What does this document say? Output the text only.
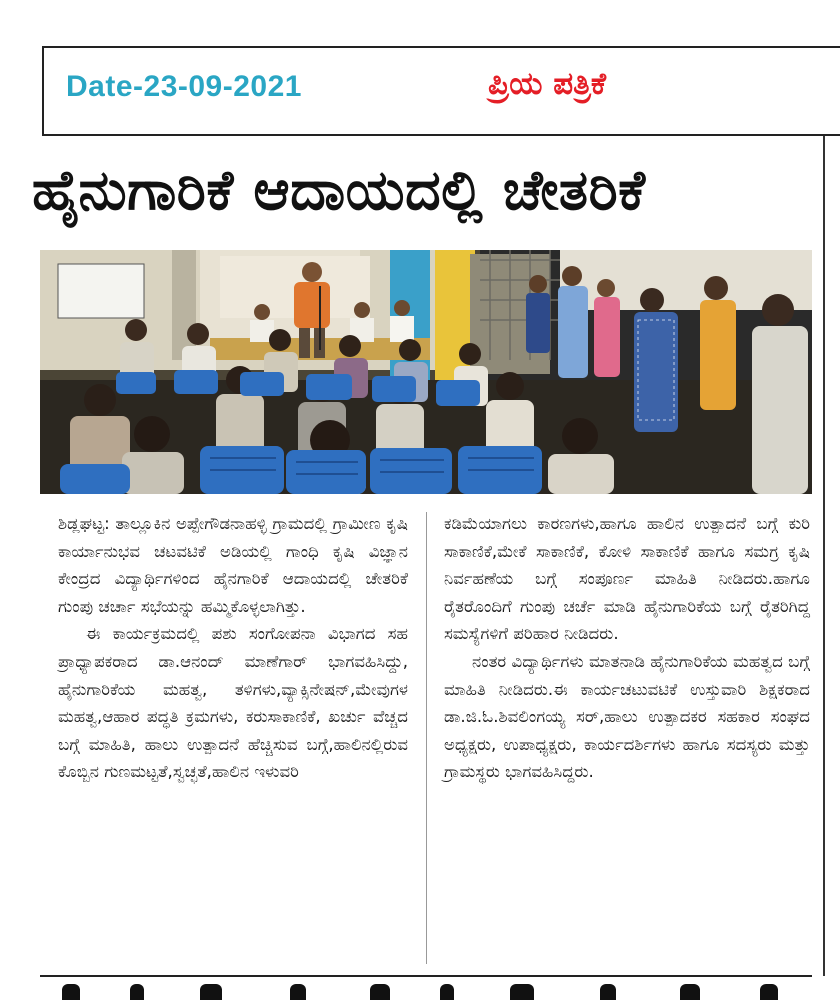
Date-23-09-2021	ಪ್ರಿಯ ಪತ್ರಿಕೆ
ಹೈನುಗಾರಿಕೆ ಆದಾಯದಲ್ಲಿ ಚೇತರಿಕೆ

ಶಿಡ್ಲಘಟ್ಟ: ತಾಲ್ಲೂಕಿನ ಅಪ್ಪೇಗೌಡನಾಹಳ್ಳಿ ಗ್ರಾಮದಲ್ಲಿ ಗ್ರಾಮೀಣ ಕೃಷಿ ಕಾರ್ಯಾನುಭವ ಚಟವಟಿಕೆ ಅಡಿಯಲ್ಲಿ ಗಾಂಧಿ ಕೃಷಿ ವಿಜ್ಞಾನ ಕೇಂದ್ರದ ವಿದ್ಯಾರ್ಥಿಗಳಿಂದ ಹೈನಗಾರಿಕೆ ಆದಾಯದಲ್ಲಿ ಚೇತರಿಕೆ ಗುಂಪು ಚರ್ಚಾ ಸಭೆಯನ್ನು ಹಮ್ಮಿಕೊಳ್ಳಲಾಗಿತ್ತು.

ಈ ಕಾರ್ಯಕ್ರಮದಲ್ಲಿ ಪಶು ಸಂಗೋಪನಾ ವಿಭಾಗದ ಸಹ ಪ್ರಾಧ್ಯಾಪಕರಾದ ಡಾ.ಆನಂದ್ ಮಾಣೆಗಾರ್ ಭಾಗವಹಿಸಿದ್ದು, ಹೈನುಗಾರಿಕೆಯ ಮಹತ್ವ, ತಳಿಗಳು,ವ್ಯಾಕ್ಸಿನೇಷನ್,ಮೇವುಗಳ ಮಹತ್ವ,ಆಹಾರ ಪದ್ಧತಿ ಕ್ರಮಗಳು, ಕರುಸಾಕಾಣಿಕೆ, ಖರ್ಚು ವೆಚ್ಚದ ಬಗ್ಗೆ ಮಾಹಿತಿ, ಹಾಲು ಉತ್ಪಾದನೆ ಹೆಚ್ಚಿಸುವ ಬಗ್ಗೆ,ಹಾಲಿನಲ್ಲಿರುವ ಕೊಬ್ಬಿನ ಗುಣಮಟ್ಟತೆ,ಸ್ವಚ್ಛತೆ,ಹಾಲಿನ ಇಳುವರಿ

ಕಡಿಮೆಯಾಗಲು ಕಾರಣಗಳು,ಹಾಗೂ ಹಾಲಿನ ಉತ್ಪಾದನೆ ಬಗ್ಗೆ ಕುರಿ ಸಾಕಾಣಿಕೆ,ಮೇಕೆ ಸಾಕಾಣಿಕೆ, ಕೋಳಿ ಸಾಕಾಣಿಕೆ ಹಾಗೂ ಸಮಗ್ರ ಕೃಷಿ ನಿರ್ವಹಣೆಯ ಬಗ್ಗೆ ಸಂಪೂರ್ಣ ಮಾಹಿತಿ ನೀಡಿದರು.ಹಾಗೂ ರೈತರೊಂದಿಗೆ ಗುಂಪು ಚರ್ಚೆ ಮಾಡಿ ಹೈನುಗಾರಿಕೆಯ ಬಗ್ಗೆ ರೈತರಿಗಿದ್ದ ಸಮಸ್ಯೆಗಳಿಗೆ ಪರಿಹಾರ ನೀಡಿದರು.

ನಂತರ ವಿದ್ಯಾರ್ಥಿಗಳು ಮಾತನಾಡಿ ಹೈನುಗಾರಿಕೆಯ ಮಹತ್ವದ ಬಗ್ಗೆ ಮಾಹಿತಿ ನೀಡಿದರು.ಈ ಕಾರ್ಯಚಟುವಟಿಕೆ ಉಸ್ತುವಾರಿ ಶಿಕ್ಷಕರಾದ ಡಾ.ಜಿ.ಓ.ಶಿವಲಿಂಗಯ್ಯ ಸರ್,ಹಾಲು ಉತ್ಪಾದಕರ ಸಹಕಾರ ಸಂಘದ ಅಧ್ಯಕ್ಷರು, ಉಪಾಧ್ಯಕ್ಷರು, ಕಾರ್ಯದರ್ಶಿಗಳು ಹಾಗೂ ಸದಸ್ಯರು ಮತ್ತು ಗ್ರಾಮಸ್ಥರು ಭಾಗವಹಿಸಿದ್ದರು.
